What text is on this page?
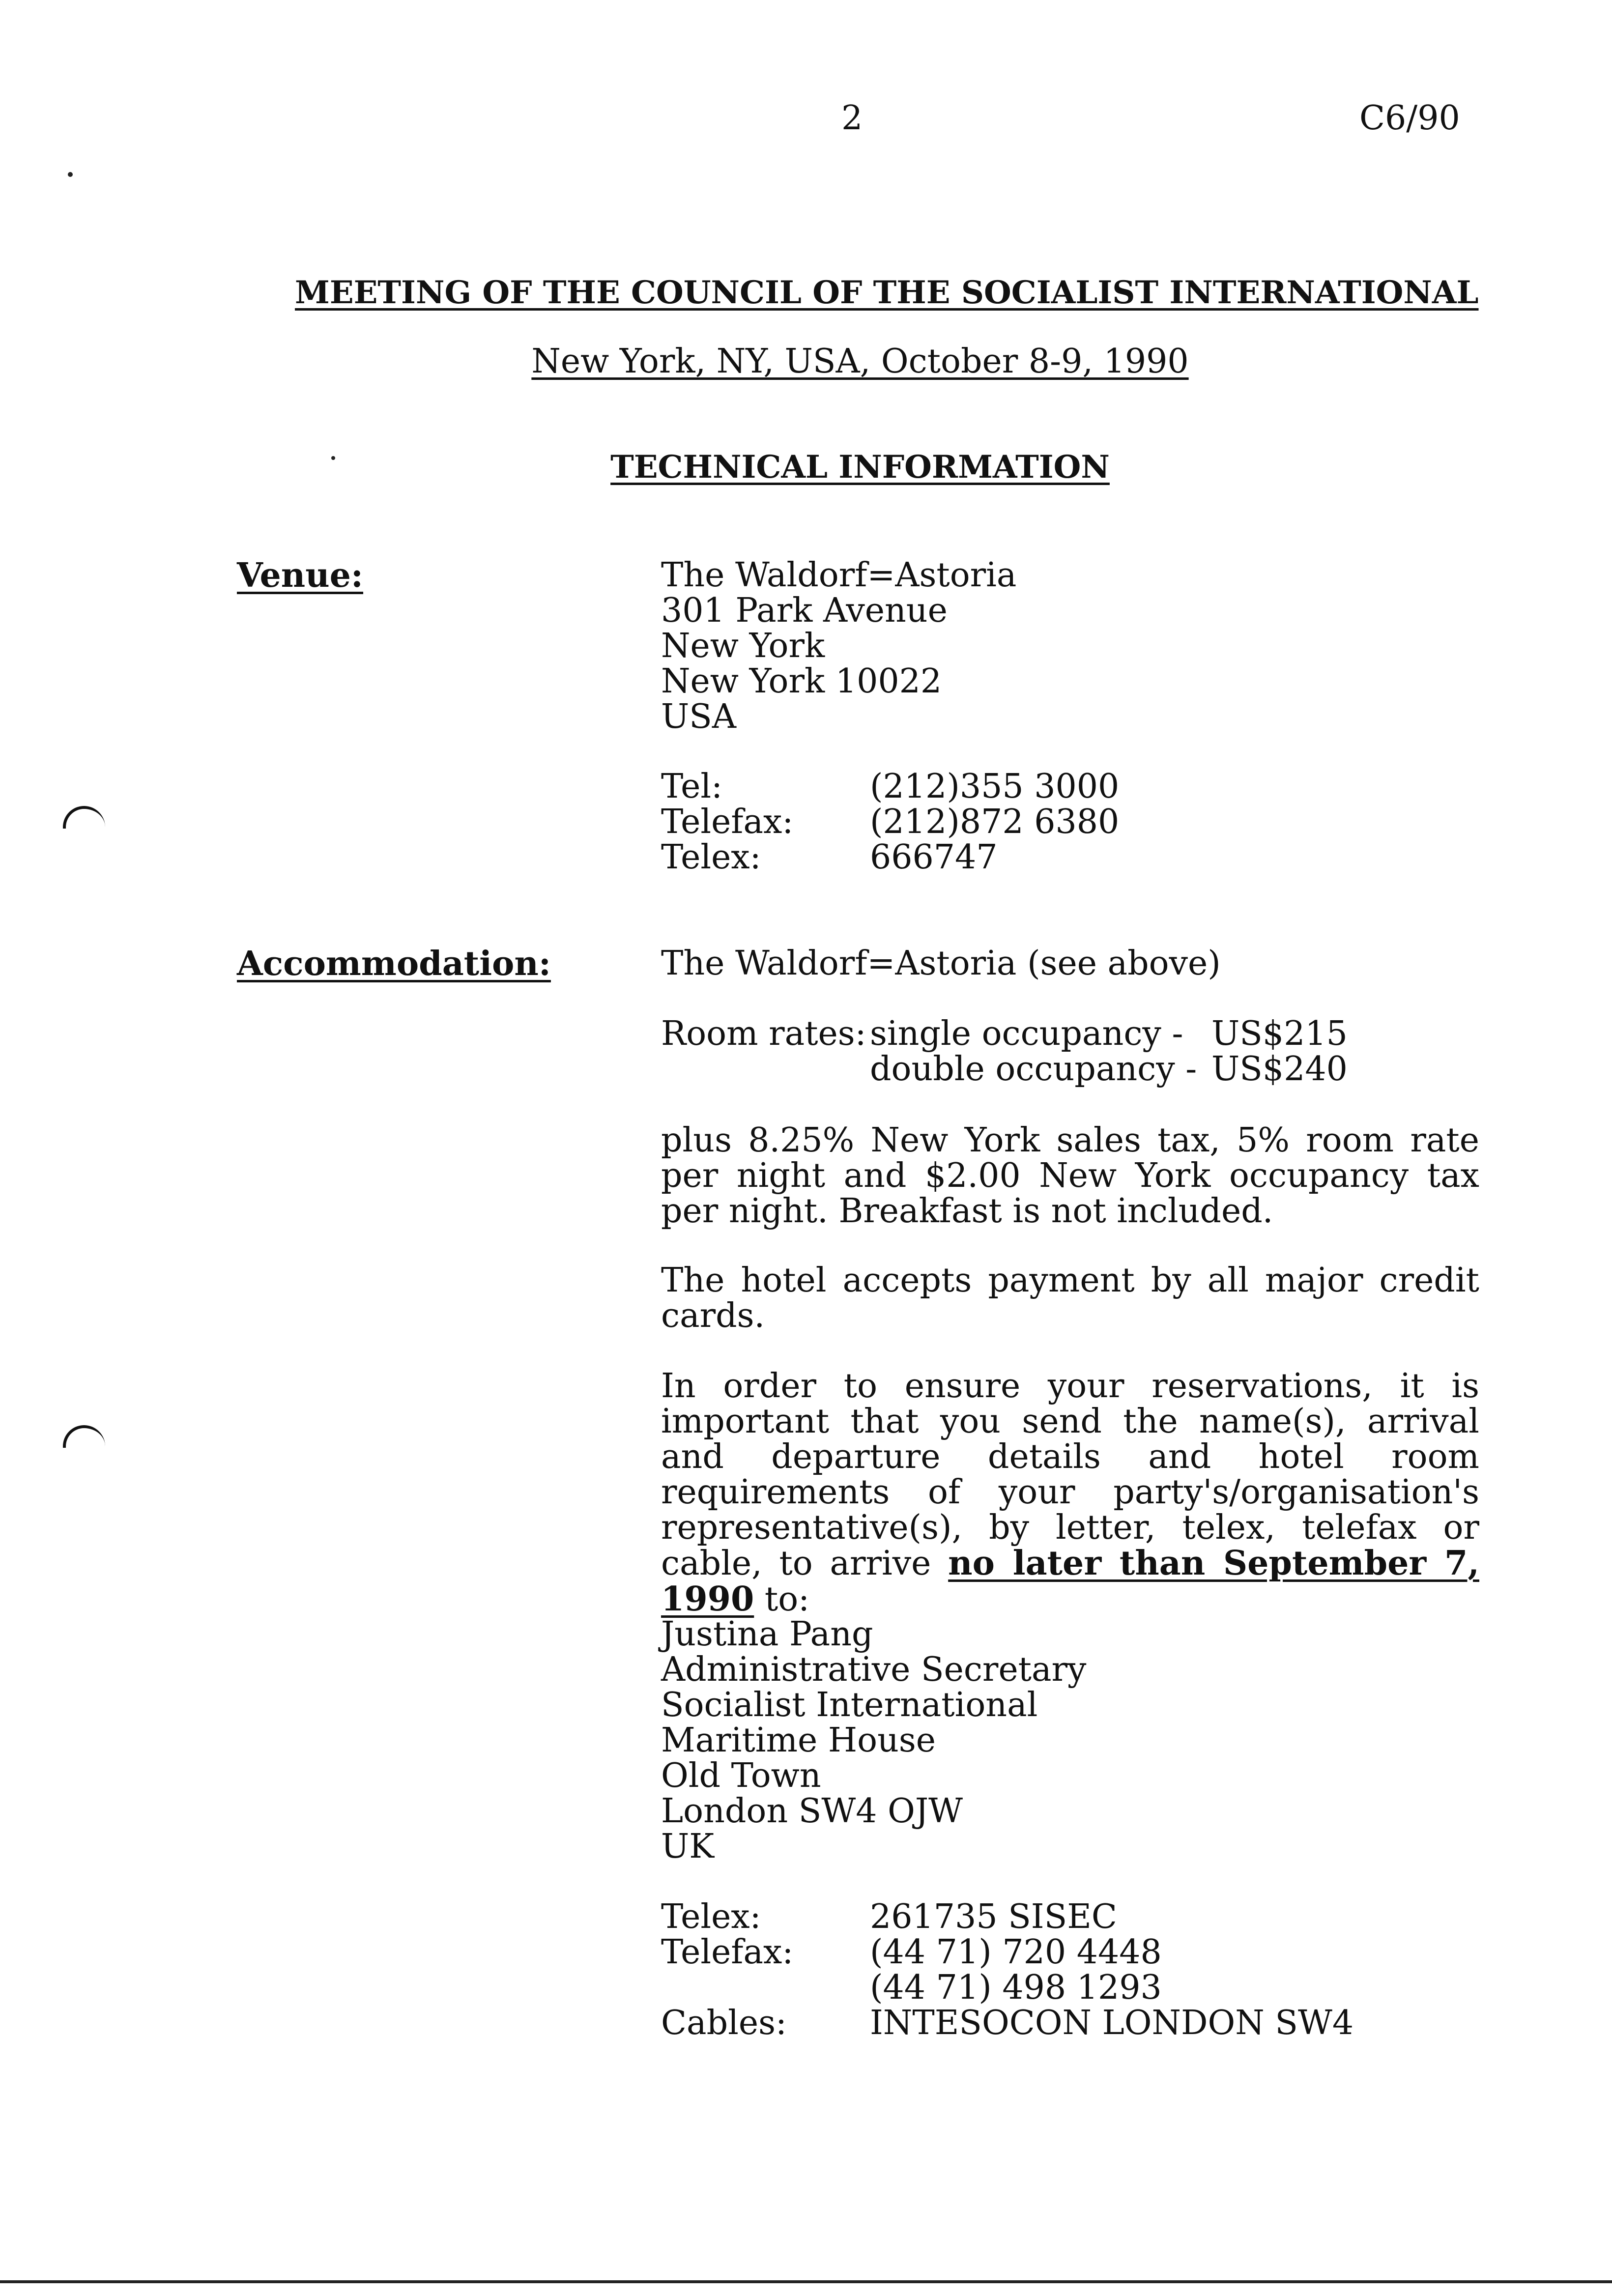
2	C6/90
MEETING OF THE COUNCIL OF THE SOCIALIST INTERNATIONAL
New York, NY, USA, October 8-9, 1990
TECHNICAL INFORMATION
Venue:	The Waldorf=Astoria
301 Park Avenue
New York
New York 10022
USA
Tel:	(212)355 3000
Telefax: (212)872 6380
Telex:	666747
Accommodation:	The Waldorf=Astoria (see above)
Room rates: single occupancy - US$215
double occupancy - US$240
plus 8.25% New York sales tax, 5% room rate per night and $2.00 New York occupancy tax per night. Breakfast is not included.
The hotel accepts payment by all major credit cards.
In order to ensure your reservations, it is important that you send the name(s), arrival and departure details and hotel room requirements of your party's/organisation's representative(s), by letter, telex, telefax or cable, to arrive no later than September 7, 1990 to:
Justina Pang
Administrative Secretary
Socialist International
Maritime House
Old Town
London SW4 OJW
UK
Telex:	261735 SISEC
Telefax: (44 71) 720 4448
(44 71) 498 1293
Cables: INTESOCON LONDON SW4
